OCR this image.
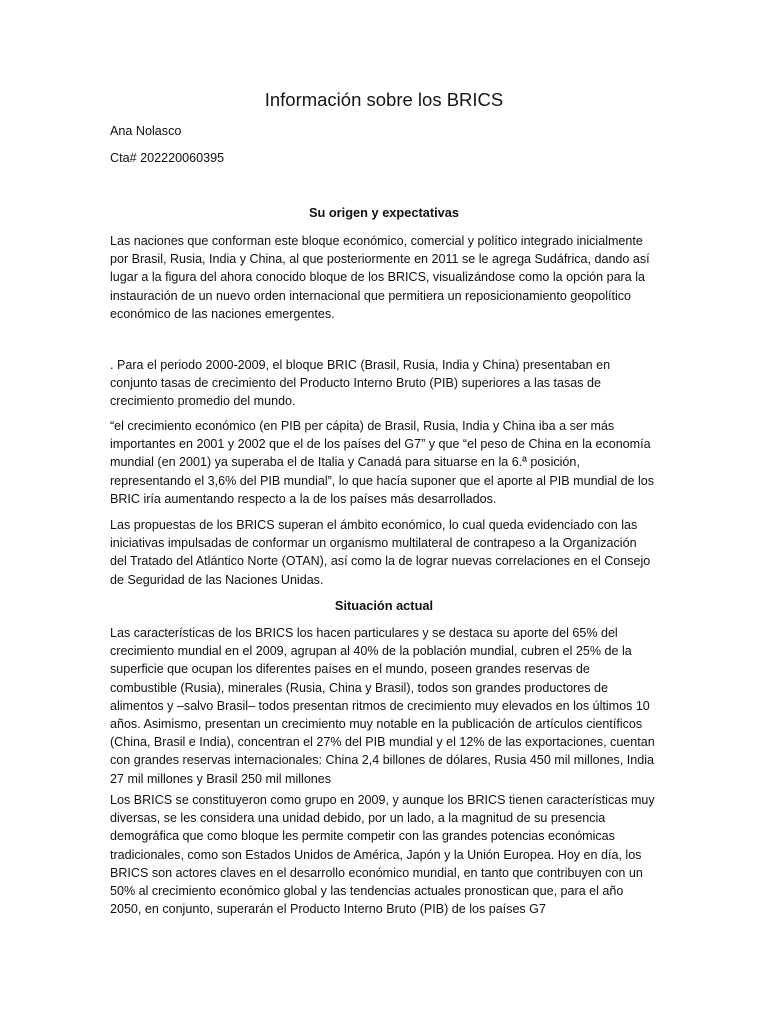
Información sobre los BRICS
Ana Nolasco
Cta# 202220060395
Su origen y expectativas

Las naciones que conforman este bloque económico, comercial y político integrado inicialmente por Brasil, Rusia, India y China, al que posteriormente en 2011 se le agrega Sudáfrica, dando así lugar a la figura del ahora conocido bloque de los BRICS, visualizándose como la opción para la instauración de un nuevo orden internacional que permitiera un reposicionamiento geopolítico económico de las naciones emergentes.

. Para el periodo 2000-2009, el bloque BRIC (Brasil, Rusia, India y China) presentaban en conjunto tasas de crecimiento del Producto Interno Bruto (PIB) superiores a las tasas de crecimiento promedio del mundo.

“el crecimiento económico (en PIB per cápita) de Brasil, Rusia, India y China iba a ser más importantes en 2001 y 2002 que el de los países del G7” y que “el peso de China en la economía mundial (en 2001) ya superaba el de Italia y Canadá para situarse en la 6.ª posición, representando el 3,6% del PIB mundial”, lo que hacía suponer que el aporte al PIB mundial de los BRIC iría aumentando respecto a la de los países más desarrollados.

Las propuestas de los BRICS superan el ámbito económico, lo cual queda evidenciado con las iniciativas impulsadas de conformar un organismo multilateral de contrapeso a la Organización del Tratado del Atlántico Norte (OTAN), así como la de lograr nuevas correlaciones en el Consejo de Seguridad de las Naciones Unidas.

Situación actual

Las características de los BRICS los hacen particulares y se destaca su aporte del 65% del crecimiento mundial en el 2009, agrupan al 40% de la población mundial, cubren el 25% de la superficie que ocupan los diferentes países en el mundo, poseen grandes reservas de combustible (Rusia), minerales (Rusia, China y Brasil), todos son grandes productores de alimentos y –salvo Brasil– todos presentan ritmos de crecimiento muy elevados en los últimos 10 años. Asimismo, presentan un crecimiento muy notable en la publicación de artículos científicos (China, Brasil e India), concentran el 27% del PIB mundial y el 12% de las exportaciones, cuentan con grandes reservas internacionales: China 2,4 billones de dólares, Rusia 450 mil millones, India 27 mil millones y Brasil 250 mil millones

Los BRICS se constituyeron como grupo en 2009, y aunque los BRICS tienen características muy diversas, se les considera una unidad debido, por un lado, a la magnitud de su presencia demográfica que como bloque les permite competir con las grandes potencias económicas tradicionales, como son Estados Unidos de América, Japón y la Unión Europea. Hoy en día, los BRICS son actores claves en el desarrollo económico mundial, en tanto que contribuyen con un 50% al crecimiento económico global y las tendencias actuales pronostican que, para el año 2050, en conjunto, superarán el Producto Interno Bruto (PIB) de los países G7
